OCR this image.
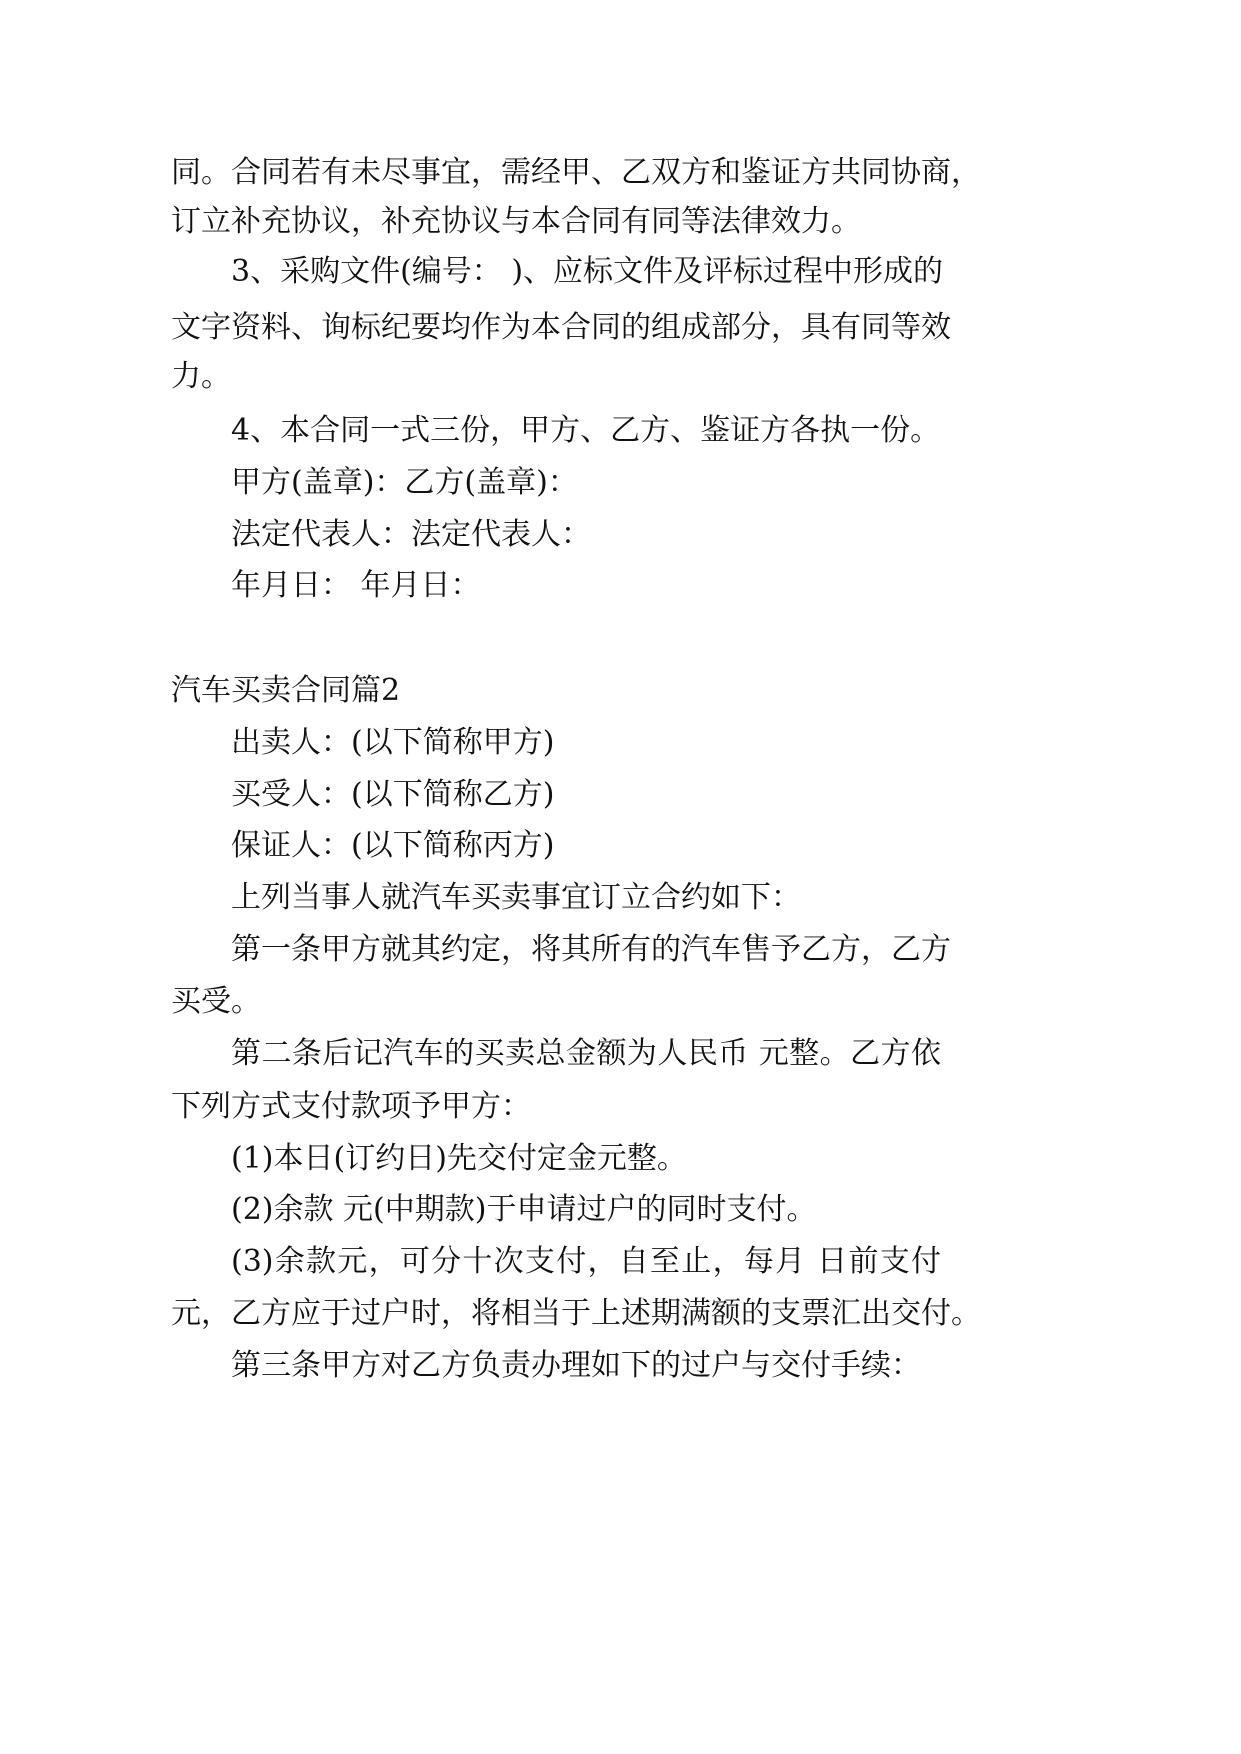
同。合同若有未尽事宜，需经甲、乙双方和鉴证方共同协商，
订立补充协议，补充协议与本合同有同等法律效力。
3、采购文件(编号： )、应标文件及评标过程中形成的
文字资料、询标纪要均作为本合同的组成部分，具有同等效
力。
4、本合同一式三份，甲方、乙方、鉴证方各执一份。
甲方(盖章)：乙方(盖章)：
法定代表人：法定代表人：
年月日： 年月日：
汽车买卖合同篇2
出卖人：(以下简称甲方)
买受人：(以下简称乙方)
保证人：(以下简称丙方)
上列当事人就汽车买卖事宜订立合约如下：
第一条甲方就其约定，将其所有的汽车售予乙方，乙方
买受。
第二条后记汽车的买卖总金额为人民币 元整。乙方依
下列方式支付款项予甲方：
(1)本日(订约日)先交付定金元整。
(2)余款 元(中期款)于申请过户的同时支付。
(3)余款元，可分十次支付，自至止，每月 日前支付
元，乙方应于过户时，将相当于上述期满额的支票汇出交付。
第三条甲方对乙方负责办理如下的过户与交付手续：
